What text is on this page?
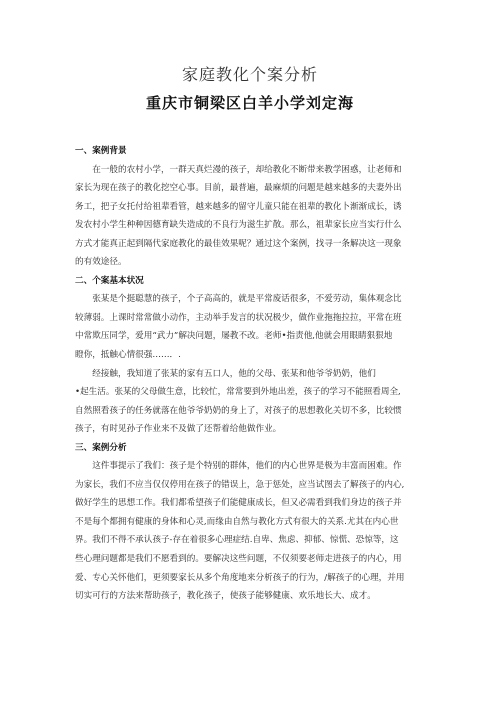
家庭教化个案分析
重庆市铜梁区白羊小学刘定海
一、案例背景
在一般的农村小学，一群天真烂漫的孩子，却给教化不断带来教学困惑，让老师和
家长为现在孩子的教化挖空心事。目前，最普遍，最麻烦的问题是越来越多的夫妻外出
务工，把子女托付给祖辈看管，越来越多的留守儿童只能在祖辈的教化卜渐渐成长，诱
发农村小学生种种因德育缺失造成的不良行为滋生扩散。那么，祖辈家长应当实行什么
方式才能真正起到隔代家庭教化的最佳效果呢？通过这个案例，找寻一条解决这一现象
的有效途径。
二、个案基本状况
张某是个挺聪慧的孩子，个子高高的，就是平常废话很多，不爱劳动，集体观念比
较薄弱。上课时常常做小动作，主动举手发言的状况极少，做作业拖拖拉拉，平常在班
中常欺压同学，爱用“武力”解决问题，屡教不改。老师•指责他,他就会用眼睛狠狠地
瞪你，抵触心情很强……．.
经接触，我知道了张某的家有五口人，他的父母、张某和他爷爷奶奶，他们
•起生活。张某的父母做生意，比较忙，常常要到外地出差，孩子的学习不能照看周全,
自然照看孩子的任务就落在他爷爷奶奶的身上了，对孩子的思想教化关切不多，比较惯
孩子，有时见孙子作业来不及做了还帮着给他做作业。
三、案例分析
这件事提示了我们：孩子是个特别的群体，他们的内心世界是极为丰富而困难。作
为家长，我们不应当仅仅停用在孩子的错误上，急于惩处，应当试图去了解孩子的内心,
做好学生的思想工作。我们都希望孩子们能健康成长，但又必需看到我们身边的孩子并
不是每个都拥有健康的身体和心灵,而缘由自然与教化方式有很大的关系.尤其在内心世
界。我们不得不承认孩子-存在着很多心理症结.自卑、焦虑、抑郁、惊慌、恐惊等，这
些心理问题都是我们不愿看到的。要解决这些问题，不仅须要老师走进孩子的内心，用
爱、专心关怀他们，更须要家长从多个角度地来分析孩子的行为，/解孩子的心理，并用
切实可行的方法来帮助孩子，教化孩子，使孩子能够健康、欢乐地长大、成才。
